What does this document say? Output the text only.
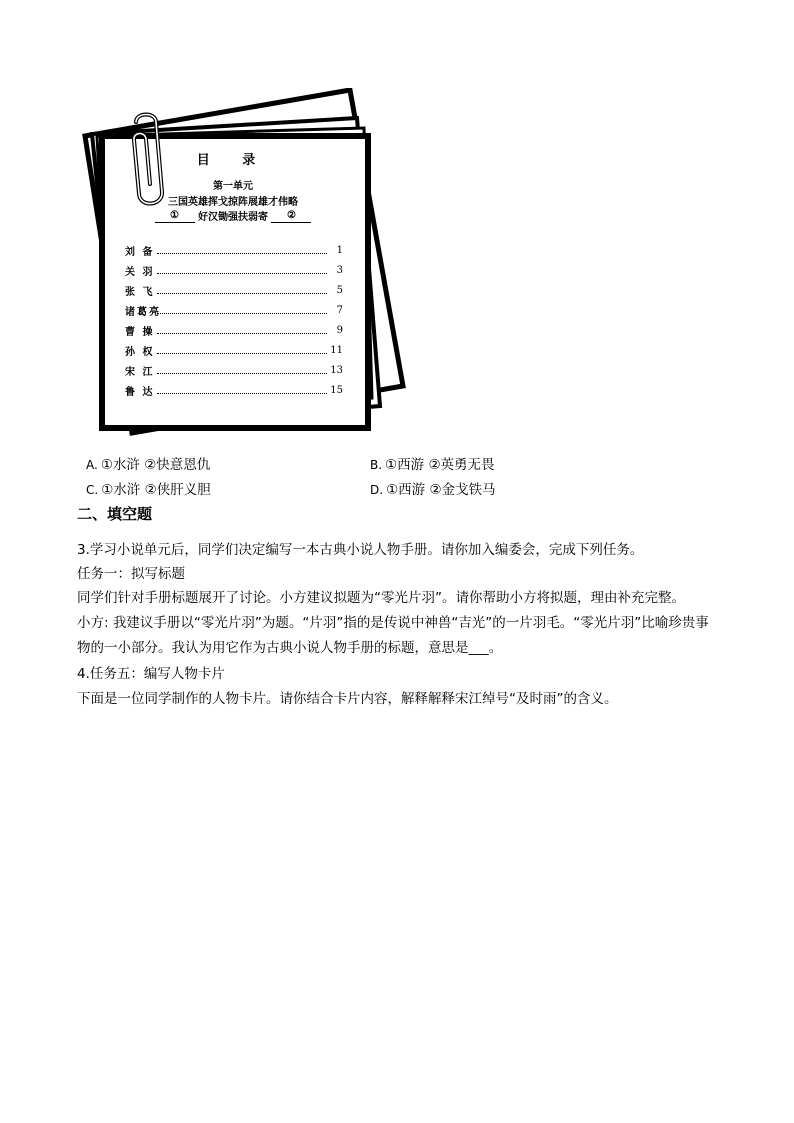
目 录
第一单元
三国英雄挥戈掠阵展雄才伟略
① 好汉锄强扶弱寄 ②
刘 备	1
关 羽	3
张 飞	5
诸葛亮	7
曹 操	9
孙 权	11
宋 江	13
鲁 达	15
A. ①水浒 ②快意恩仇	B. ①西游 ②英勇无畏
C. ①水浒 ②侠肝义胆	D. ①西游 ②金戈铁马
二、填空题
3.学习小说单元后，同学们决定编写一本古典小说人物手册。请你加入编委会，完成下列任务。
任务一：拟写标题
同学们针对手册标题展开了讨论。小方建议拟题为“零光片羽”。请你帮助小方将拟题，理由补充完整。
小方: 我建议手册以“零光片羽”为题。“片羽”指的是传说中神兽“吉光”的一片羽毛。“零光片羽”比喻珍贵事
物的一小部分。我认为用它作为古典小说人物手册的标题，意思是___。
4.任务五：编写人物卡片
下面是一位同学制作的人物卡片。请你结合卡片内容，解释解释宋江绰号“及时雨”的含义。
